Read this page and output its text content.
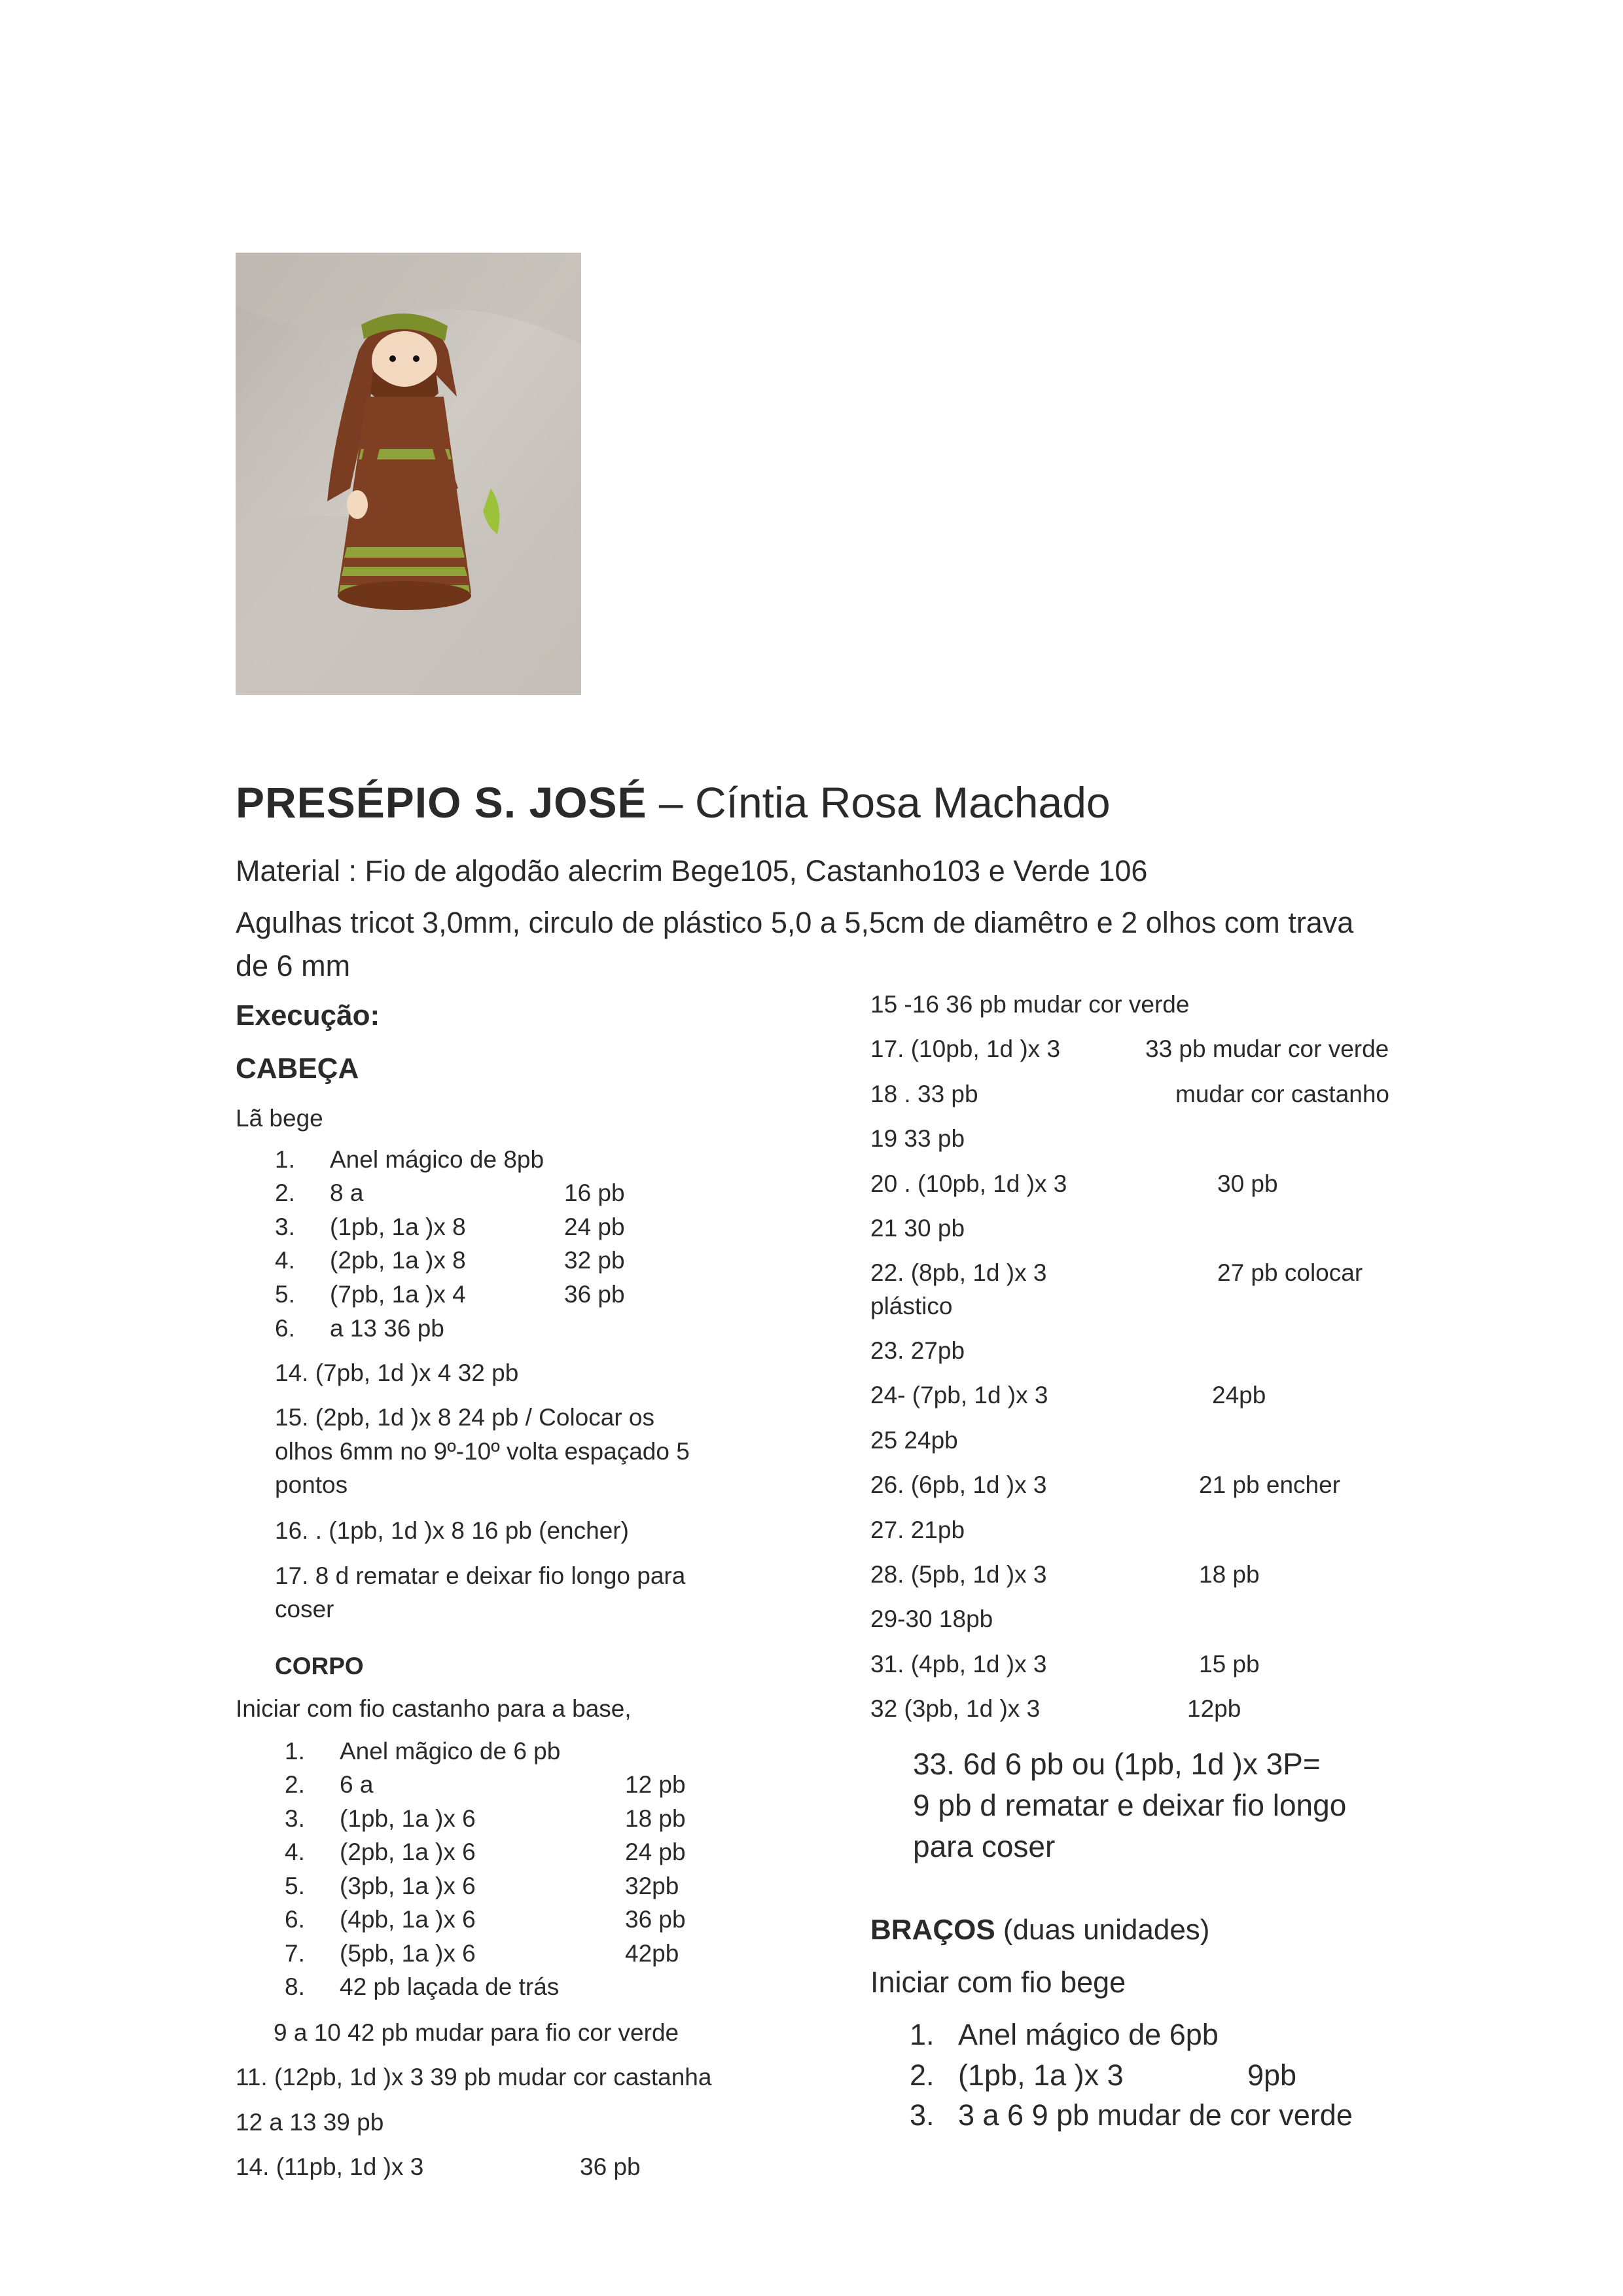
PRESÉPIO S. JOSÉ – Cíntia Rosa Machado
Material : Fio de algodão alecrim Bege105, Castanho103 e Verde 106
Agulhas tricot 3,0mm, circulo de plástico 5,0 a 5,5cm de diamêtro e 2 olhos com trava
de 6 mm
Execução:
CABEÇA
Lã bege
1. Anel mágico de 8pb
2. 8 a	16 pb
3. (1pb, 1a )x 8	24 pb
4. (2pb, 1a )x 8	32 pb
5. (7pb, 1a )x 4	36 pb
6. a 13 36 pb
14. (7pb, 1d )x 4 32 pb
15. (2pb, 1d )x 8 24 pb / Colocar os
olhos 6mm no 9º-10º volta espaçado 5
pontos
16. . (1pb, 1d )x 8 16 pb (encher)
17. 8 d rematar e deixar fio longo para
coser
CORPO
Iniciar com fio castanho para a base,
1. Anel mãgico de 6 pb
2. 6 a	12 pb
3. (1pb, 1a )x 6	18 pb
4. (2pb, 1a )x 6	24 pb
5. (3pb, 1a )x 6	32pb
6. (4pb, 1a )x 6	36 pb
7. (5pb, 1a )x 6	42pb
8. 42 pb laçada de trás
9 a 10 42 pb mudar para fio cor verde
11. (12pb, 1d )x 3 39 pb mudar cor castanha
12 a 13 39 pb
14. (11pb, 1d )x 3	36 pb
15 -16 36 pb mudar cor verde
17. (10pb, 1d )x 3	33 pb mudar cor verde
18 . 33 pb	mudar cor castanho
19 33 pb
20 . (10pb, 1d )x 3	30 pb
21 30 pb
22. (8pb, 1d )x 3	27 pb colocar
plástico
23. 27pb
24- (7pb, 1d )x 3	24pb
25 24pb
26. (6pb, 1d )x 3	21 pb encher
27. 21pb
28. (5pb, 1d )x 3	18 pb
29-30 18pb
31. (4pb, 1d )x 3	15 pb
32 (3pb, 1d )x 3	12pb
33. 6d 6 pb ou (1pb, 1d )x 3P=
9 pb d rematar e deixar fio longo
para coser
BRAÇOS (duas unidades)
Iniciar com fio bege
1. Anel mágico de 6pb
2. (1pb, 1a )x 3	9pb
3. 3 a 6 9 pb mudar de cor verde
